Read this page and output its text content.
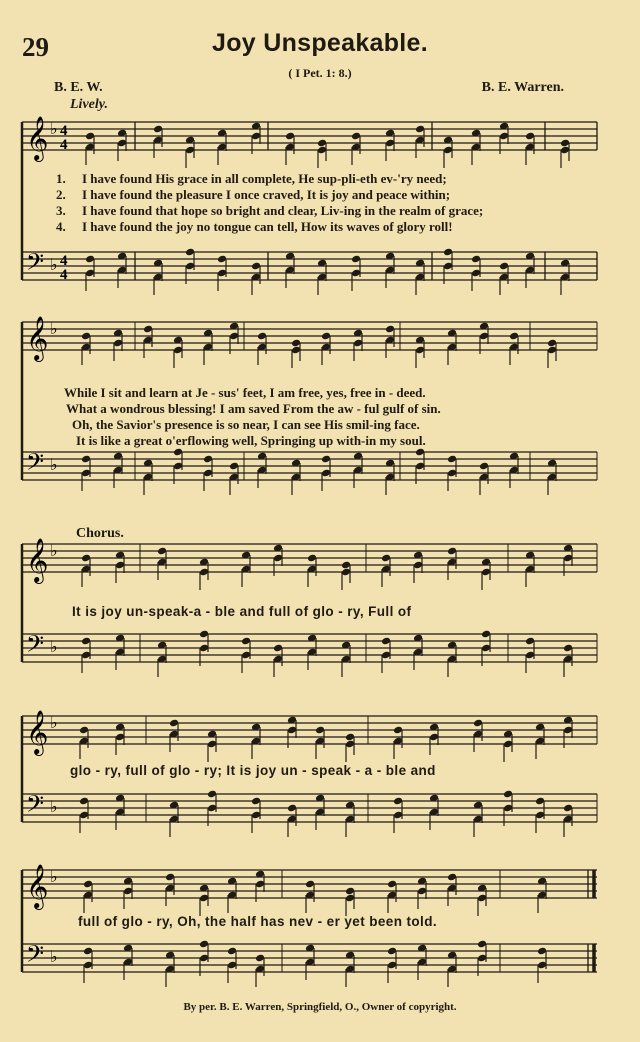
29	Joy Unspeakable.
( I Pet. 1: 8.)
B. E. W.	B. E. Warren.
Lively.
𝄞
𝄢
♭
♭
4
4
4
4
1. I have found His grace in all complete, He sup-pli-eth ev-'ry need;
2. I have found the pleasure I once craved, It is joy and peace within;
3. I have found that hope so bright and clear, Liv-ing in the realm of grace;
4. I have found the joy no tongue can tell, How its waves of glory roll!
𝄞
𝄢
♭
♭
While I sit and learn at Je - sus' feet, I am free, yes, free in - deed.
What a wondrous blessing! I am saved From the aw - ful gulf of sin.
Oh, the Savior's presence is so near, I can see His smil-ing face.
It is like a great o'erflowing well, Springing up with-in my soul.
Chorus.
𝄞
𝄢
♭
♭
It is joy un-speak-a - ble and full of glo - ry, Full of
𝄞
𝄢
♭
♭
glo - ry, full of glo - ry; It is joy un - speak - a - ble and
𝄞
𝄢
♭
♭
full of glo - ry, Oh, the half has nev - er yet been told.
By per. B. E. Warren, Springfield, O., Owner of copyright.
